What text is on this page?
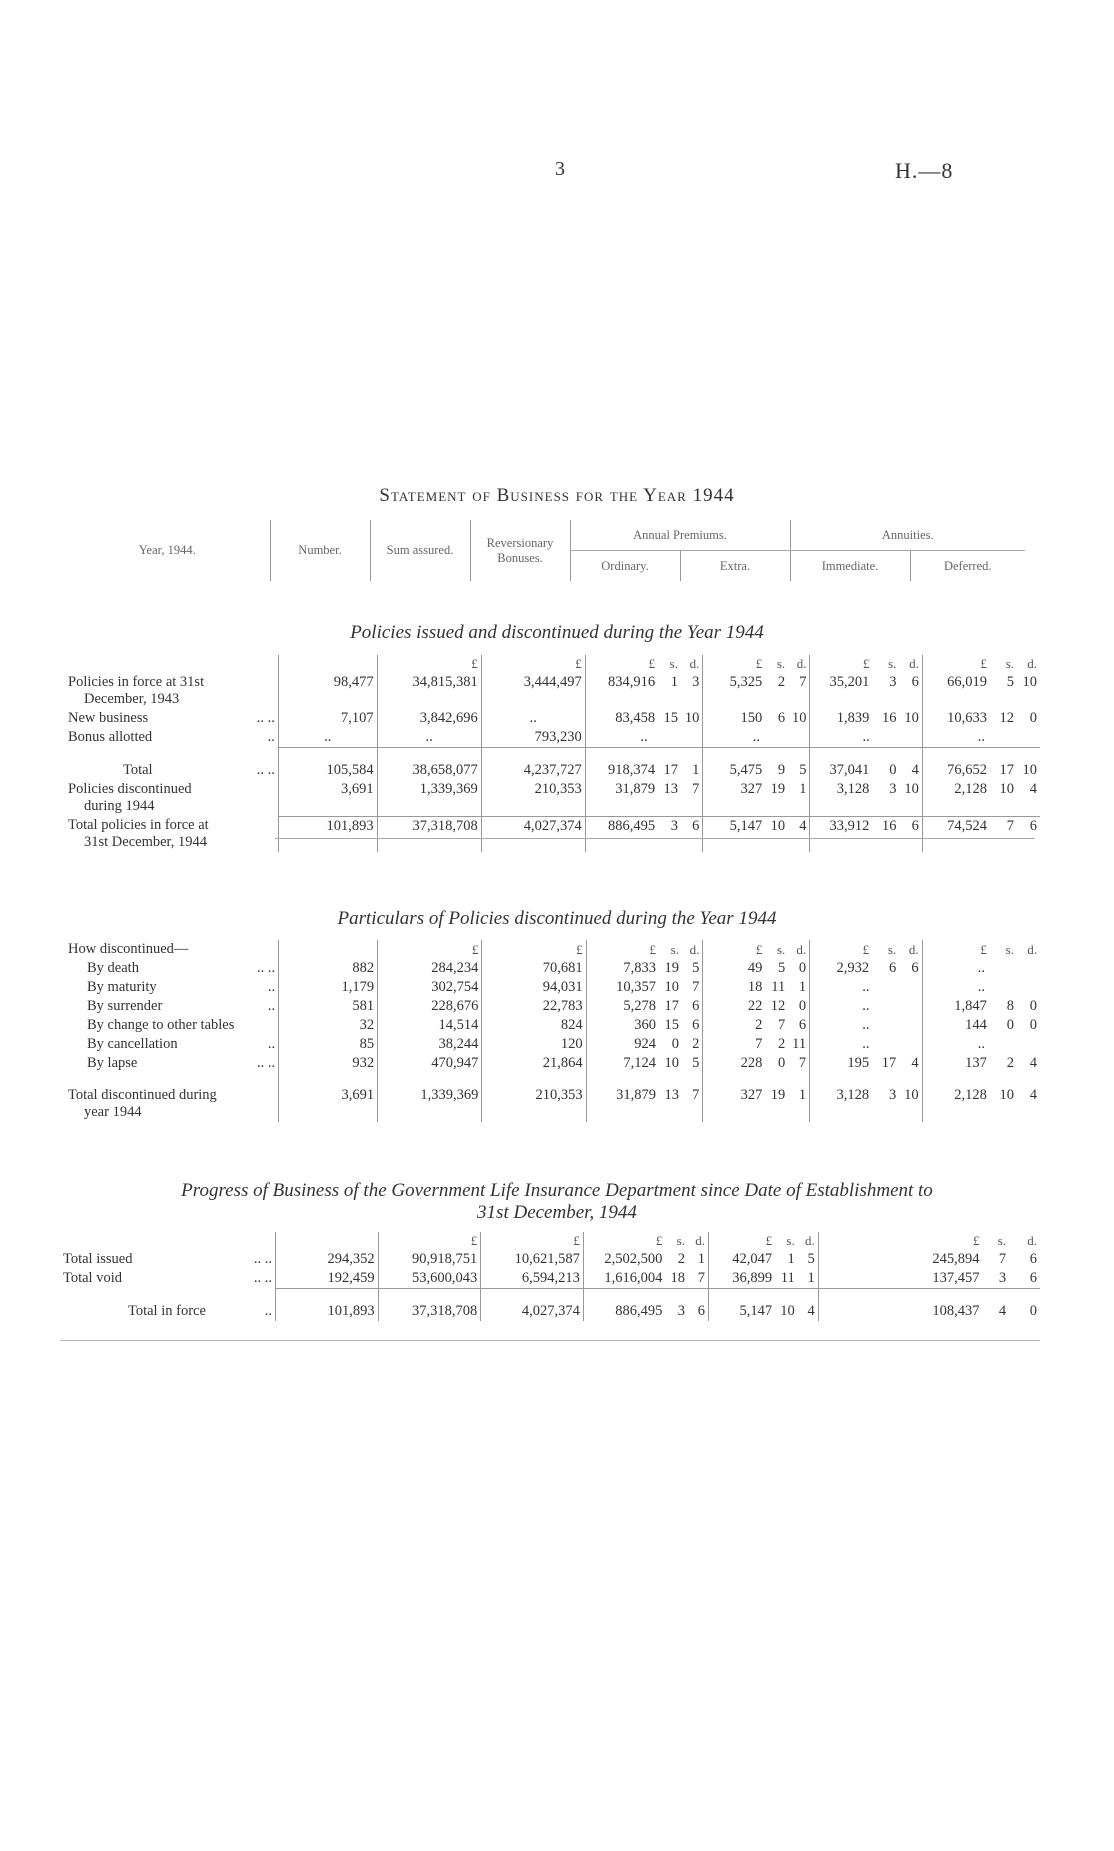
3	H.—8
Statement of Business for the Year 1944
Year, 1944.	Number.	Sum assured.	Reversionary Bonuses.	Annual Premiums.		Annuities.	
				Ordinary.	Extra.	Immediate.	Deferred.
Policies issued and discontinued during the Year 1944
		£	£	£	s.	d.	£	s.	d.	£	s.	d.	£	s.	d.
Policies in force at 31st
December, 1943	98,477	34,815,381	3,444,497	834,916	1	3	5,325	2	7	35,201	3	6	66,019	5	10
New business .. ..	7,107	3,842,696	..	83,458	15	10	150	6	10	1,839	16	10	10,633	12	0
Bonus allotted ..	..	..	793,230	..			..			..			..		
Total .. ..	105,584	38,658,077	4,237,727	918,374	17	1	5,475	9	5	37,041	0	4	76,652	17	10
Policies discontinued
during 1944	3,691	1,339,369	210,353	31,879	13	7	327	19	1	3,128	3	10	2,128	10	4
Total policies in force at
31st December, 1944	101,893	37,318,708	4,027,374	886,495	3	6	5,147	10	4	33,912	16	6	74,524	7	6
Particulars of Policies discontinued during the Year 1944
How discontinued—		£	£	£	s.	d.	£	s.	d.	£	s.	d.	£	s.	d.
By death .. ..	882	284,234	70,681	7,833	19	5	49	5	0	2,932	6	6	..		
By maturity ..	1,179	302,754	94,031	10,357	10	7	18	11	1	..			..		
By surrender ..	581	228,676	22,783	5,278	17	6	22	12	0	..			1,847	8	0
By change to other tables	32	14,514	824	360	15	6	2	7	6	..			144	0	0
By cancellation ..	85	38,244	120	924	0	2	7	2	11	..			..		
By lapse .. ..	932	470,947	21,864	7,124	10	5	228	0	7	195	17	4	137	2	4
Total discontinued during
year 1944	3,691	1,339,369	210,353	31,879	13	7	327	19	1	3,128	3	10	2,128	10	4
Progress of Business of the Government Life Insurance Department since Date of Establishment to
31st December, 1944
		£	£	£	s.	d.	£	s.	d.	£	s.	d.
Total issued .. ..	294,352	90,918,751	10,621,587	2,502,500	2	1	42,047	1	5	245,894	7	6
Total void .. ..	192,459	53,600,043	6,594,213	1,616,004	18	7	36,899	11	1	137,457	3	6
Total in force ..	101,893	37,318,708	4,027,374	886,495	3	6	5,147	10	4	108,437	4	0
